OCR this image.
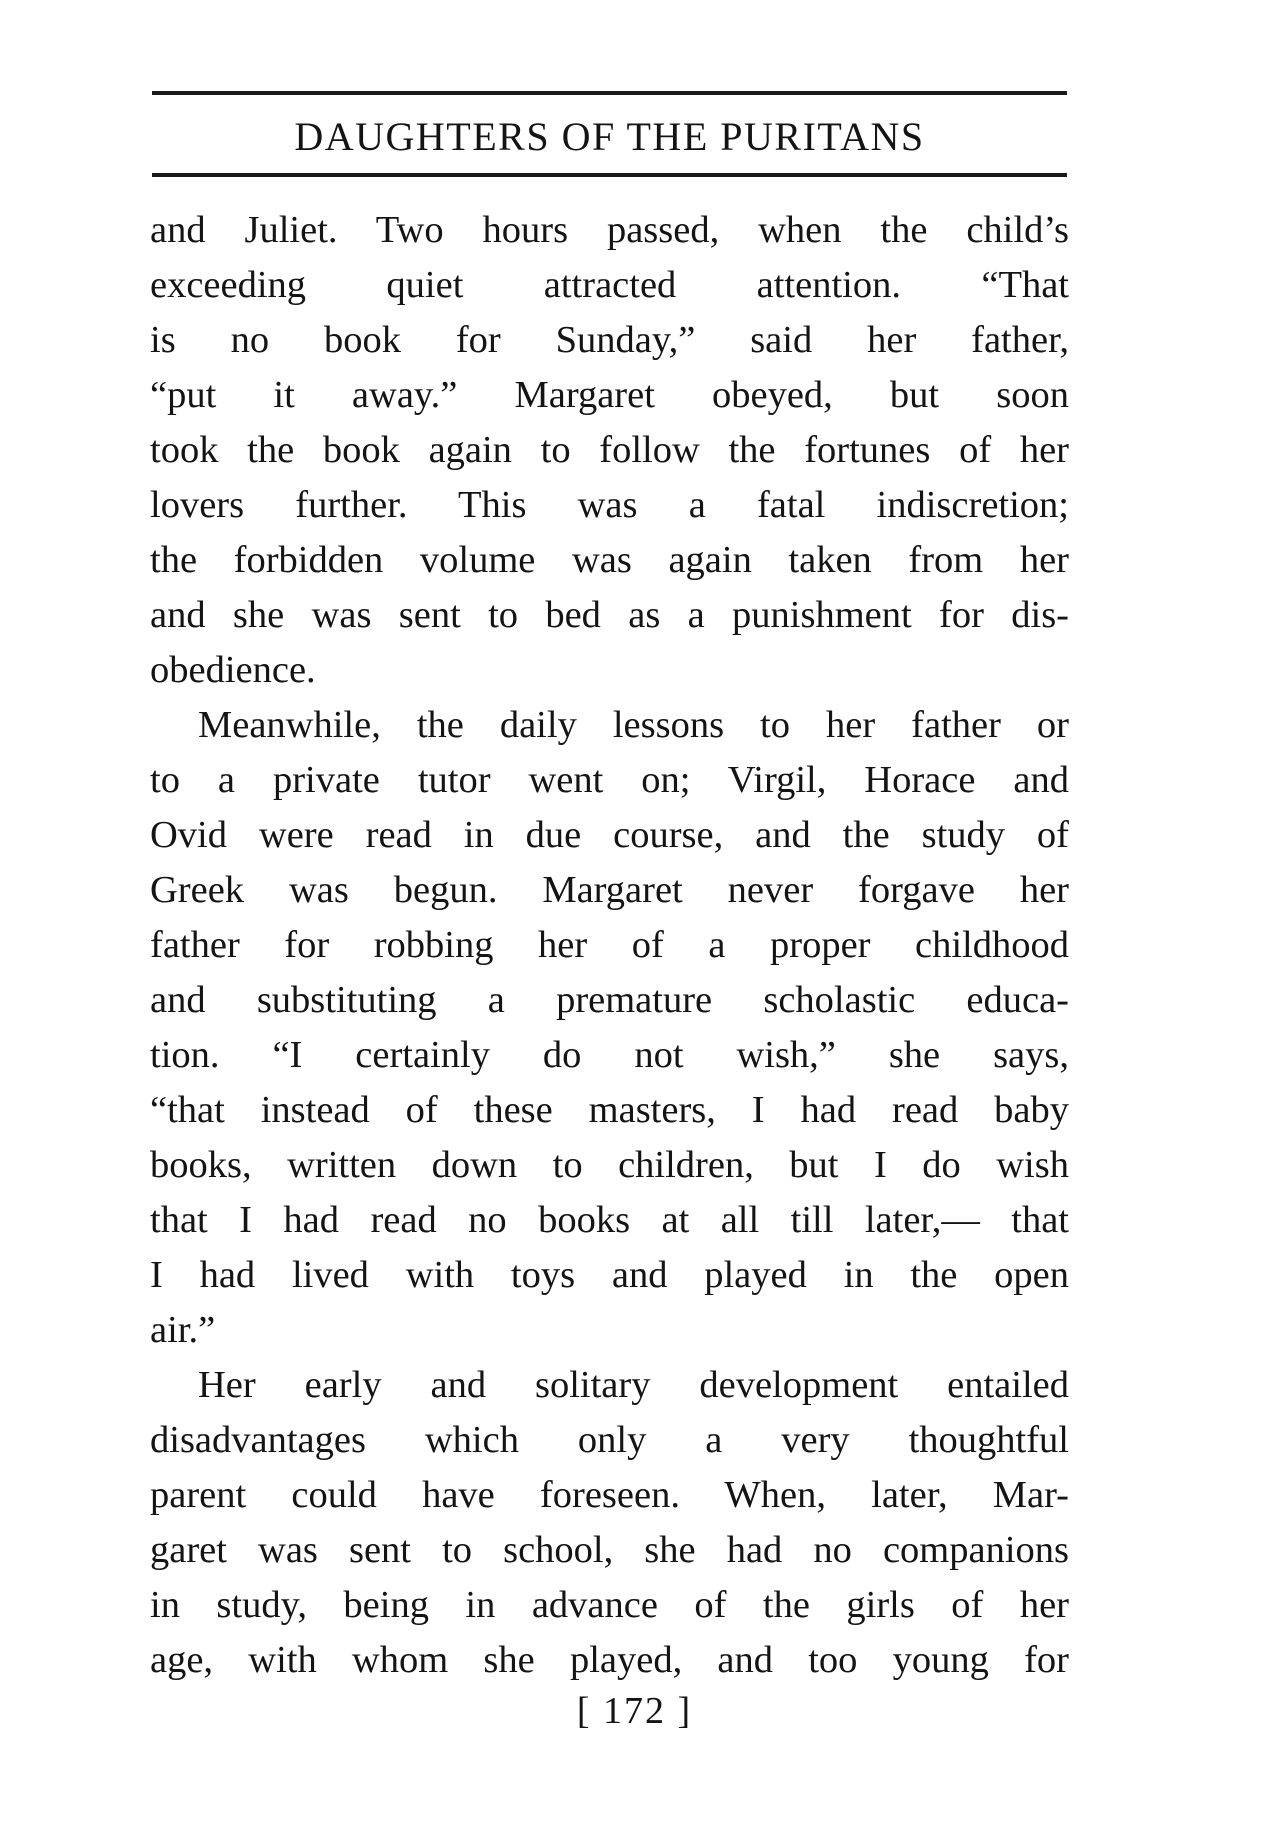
DAUGHTERS OF THE PURITANS
and Juliet. Two hours passed, when the child’s
exceeding quiet attracted attention. “That
is no book for Sunday,” said her father,
“put it away.” Margaret obeyed, but soon
took the book again to follow the fortunes of her
lovers further. This was a fatal indiscretion;
the forbidden volume was again taken from her
and she was sent to bed as a punishment for dis-
obedience.
Meanwhile, the daily lessons to her father or
to a private tutor went on; Virgil, Horace and
Ovid were read in due course, and the study of
Greek was begun. Margaret never forgave her
father for robbing her of a proper childhood
and substituting a premature scholastic educa-
tion. “I certainly do not wish,” she says,
“that instead of these masters, I had read baby
books, written down to children, but I do wish
that I had read no books at all till later,— that
I had lived with toys and played in the open
air.”
Her early and solitary development entailed
disadvantages which only a very thoughtful
parent could have foreseen. When, later, Mar-
garet was sent to school, she had no companions
in study, being in advance of the girls of her
age, with whom she played, and too young for
[ 172 ]
